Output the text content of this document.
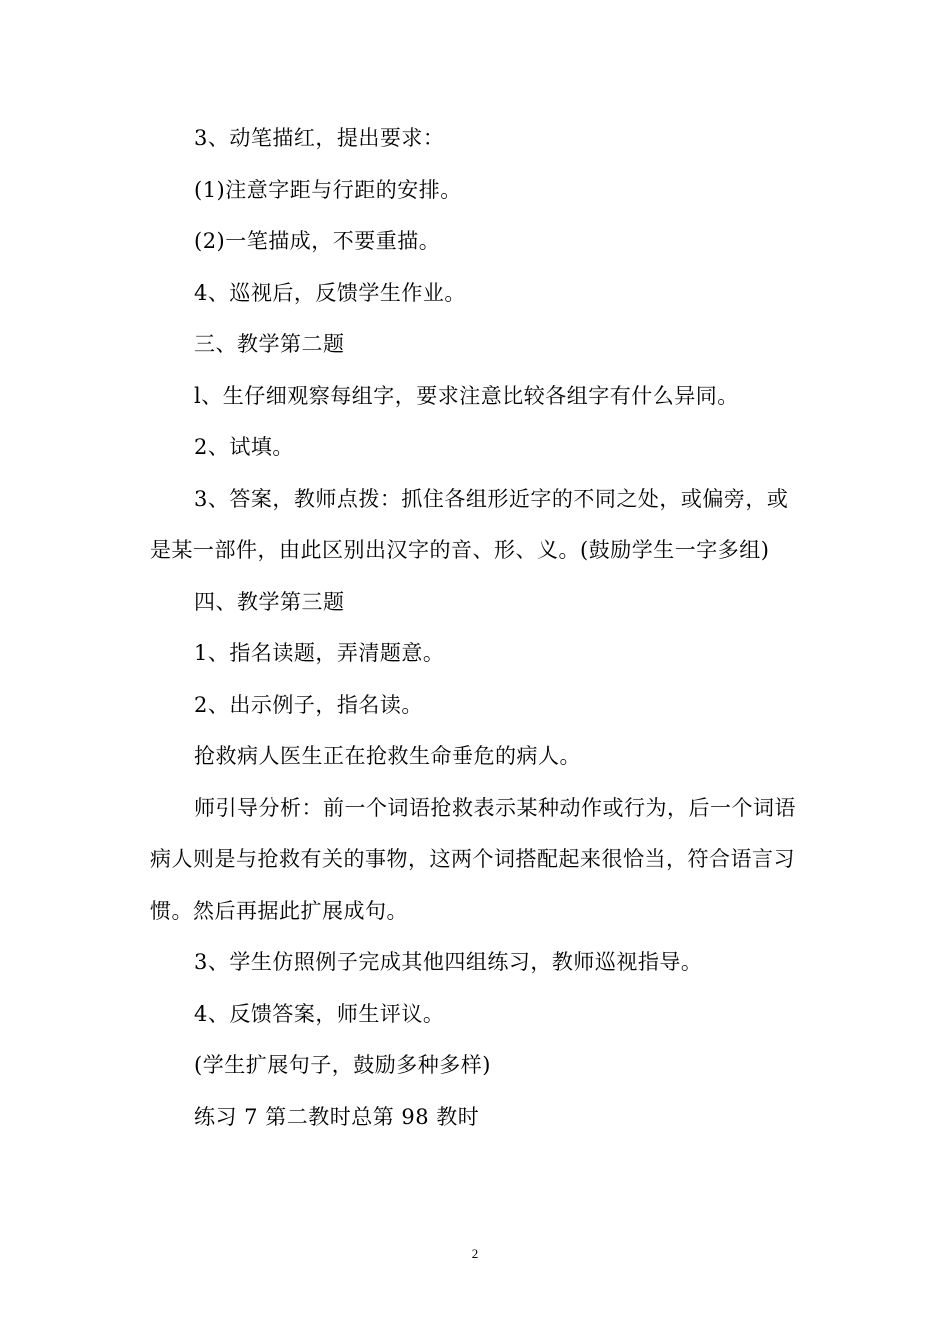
3、动笔描红，提出要求：

(1)注意字距与行距的安排。

(2)一笔描成，不要重描。

4、巡视后，反馈学生作业。

三、教学第二题

l、生仔细观察每组字，要求注意比较各组字有什么异同。

2、试填。

3、答案，教师点拨：抓住各组形近字的不同之处，或偏旁，或是某一部件，由此区别出汉字的音、形、义。(鼓励学生一字多组)

四、教学第三题

1、指名读题，弄清题意。

2、出示例子，指名读。

抢救病人医生正在抢救生命垂危的病人。

师引导分析：前一个词语抢救表示某种动作或行为，后一个词语病人则是与抢救有关的事物，这两个词搭配起来很恰当，符合语言习惯。然后再据此扩展成句。

3、学生仿照例子完成其他四组练习，教师巡视指导。

4、反馈答案，师生评议。

(学生扩展句子，鼓励多种多样)

练习 7 第二教时总第 98 教时

2
